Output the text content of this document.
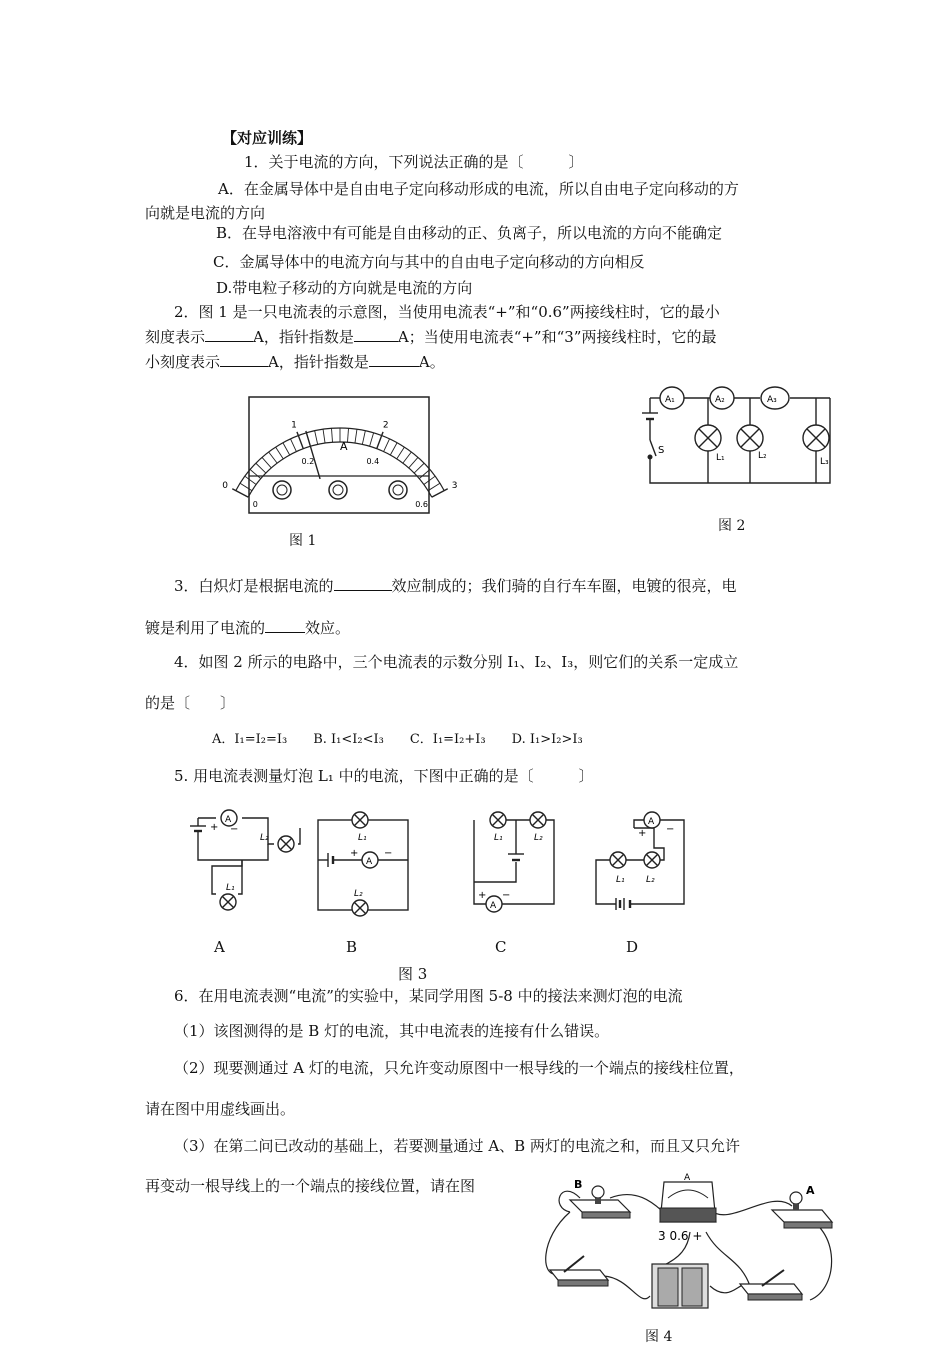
【对应训练】
1．关于电流的方向，下列说法正确的是〔　　　〕
A．在金属导体中是自由电子定向移动形成的电流，所以自由电子定向移动的方
向就是电流的方向
B．在导电溶液中有可能是自由移动的正、负离子，所以电流的方向不能确定
C．金属导体中的电流方向与其中的自由电子定向移动的方向相反
D.带电粒子移动的方向就是电流的方向
2．图 1 是一只电流表的示意图，当使用电流表“+”和“0.6”两接线柱时，它的最小
刻度表示	A，指针指数是	A；当使用电流表“+”和“3”两接线柱时，它的最
小刻度表示	A，指针指数是	A。
0
1	2
3
0
0.2	0.4
0.6
A
图 1
S
A₁	A₂	A₃
L₁	L₂
L₃
图 2
3．白炽灯是根据电流的	效应制成的；我们骑的自行车车圈，电镀的很亮，电
镀是利用了电流的	效应。
4．如图 2 所示的电路中，三个电流表的示数分别 I₁、I₂、I₃，则它们的关系一定成立
的是〔　　〕
A．I₁=I₂=I₃　　B. I₁<I₂<I₃　　C．I₁=I₂+I₃　　D. I₁>I₂>I₃
5. 用电流表测量灯泡 L₁ 中的电流，下图中正确的是〔　　　〕
A
+ −
L₂
L₁
L₁
A
+	−
L₂
L₁	L₂
A
+ −
A
+ −
L₁ L₂
A	B	C	D
图 3
6．在用电流表测“电流”的实验中，某同学用图 5-8 中的接法来测灯泡的电流
（1）该图测得的是 B 灯的电流，其中电流表的连接有什么错误。
（2）现要测通过 A 灯的电流，只允许变动原图中一根导线的一个端点的接线柱位置，
请在图中用虚线画出。
（3）在第二问已改动的基础上，若要测量通过 A、B 两灯的电流之和，而且又只允许
再变动一根导线上的一个端点的接线位置，请在图	B	A
3 0.6 +
A
图 4
